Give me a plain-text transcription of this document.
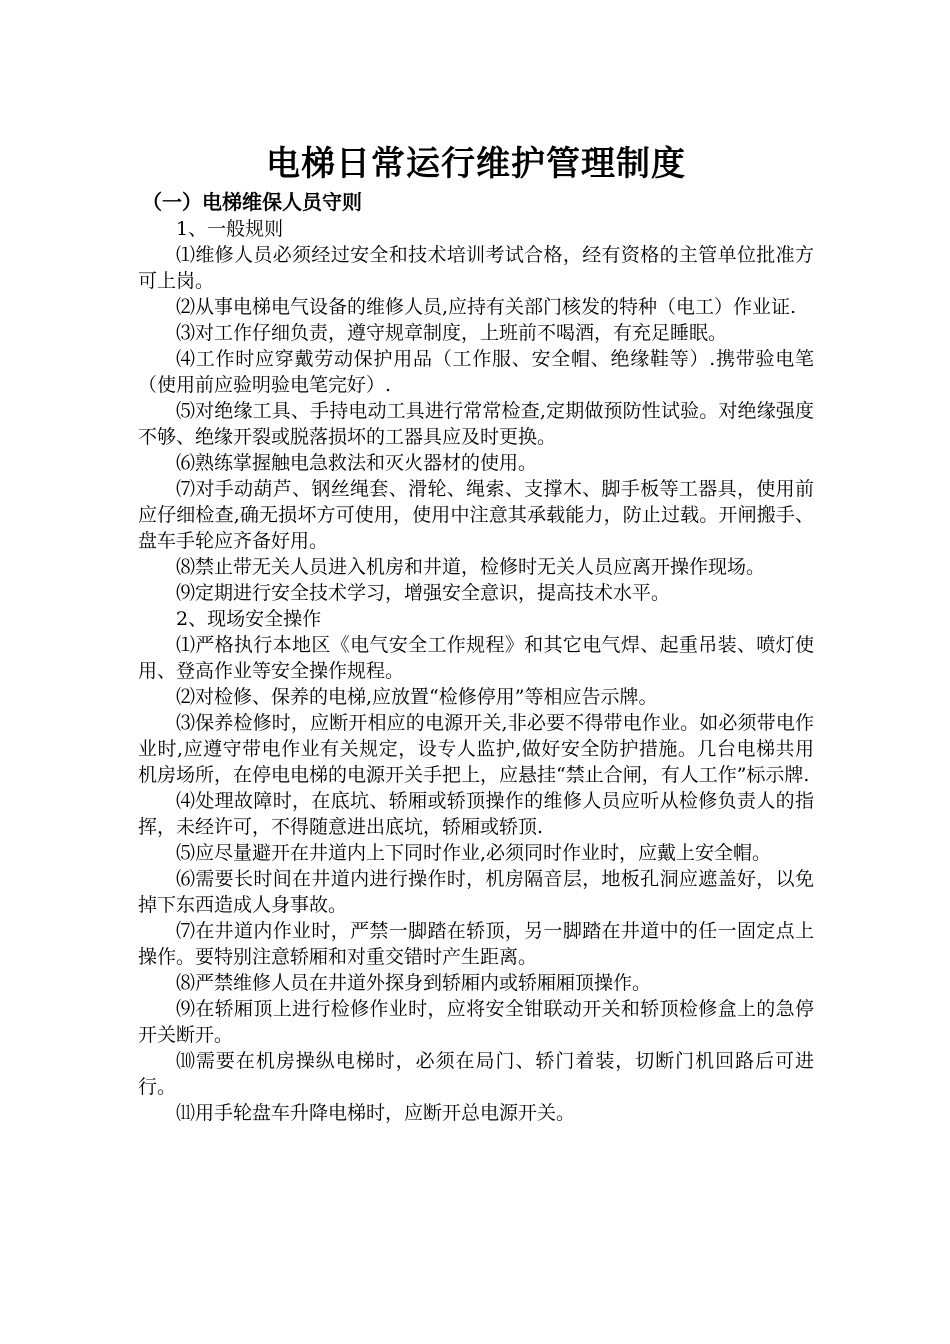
电梯日常运行维护管理制度
（一）电梯维保人员守则
1、一般规则

⑴维修人员必须经过安全和技术培训考试合格，经有资格的主管单位批准方可上岗。

⑵从事电梯电气设备的维修人员,应持有关部门核发的特种（电工）作业证.

⑶对工作仔细负责，遵守规章制度，上班前不喝酒，有充足睡眠。

⑷工作时应穿戴劳动保护用品（工作服、安全帽、绝缘鞋等）.携带验电笔（使用前应验明验电笔完好）.

⑸对绝缘工具、手持电动工具进行常常检查,定期做预防性试验。对绝缘强度不够、绝缘开裂或脱落损坏的工器具应及时更换。

⑹熟练掌握触电急救法和灭火器材的使用。

⑺对手动葫芦、钢丝绳套、滑轮、绳索、支撑木、脚手板等工器具，使用前应仔细检查,确无损坏方可使用，使用中注意其承载能力，防止过载。开闸搬手、盘车手轮应齐备好用。

⑻禁止带无关人员进入机房和井道，检修时无关人员应离开操作现场。

⑼定期进行安全技术学习，增强安全意识，提高技术水平。

2、现场安全操作

⑴严格执行本地区《电气安全工作规程》和其它电气焊、起重吊装、喷灯使用、登高作业等安全操作规程。

⑵对检修、保养的电梯,应放置“检修停用”等相应告示牌。

⑶保养检修时，应断开相应的电源开关,非必要不得带电作业。如必须带电作业时,应遵守带电作业有关规定，设专人监护,做好安全防护措施。几台电梯共用机房场所，在停电电梯的电源开关手把上，应悬挂“禁止合闸，有人工作”标示牌.

⑷处理故障时，在底坑、轿厢或轿顶操作的维修人员应听从检修负责人的指挥，未经许可，不得随意进出底坑，轿厢或轿顶.

⑸应尽量避开在井道内上下同时作业,必须同时作业时，应戴上安全帽。

⑹需要长时间在井道内进行操作时，机房隔音层，地板孔洞应遮盖好，以免掉下东西造成人身事故。

⑺在井道内作业时，严禁一脚踏在轿顶，另一脚踏在井道中的任一固定点上操作。要特别注意轿厢和对重交错时产生距离。

⑻严禁维修人员在井道外探身到轿厢内或轿厢厢顶操作。

⑼在轿厢顶上进行检修作业时，应将安全钳联动开关和轿顶检修盒上的急停开关断开。

⑽需要在机房操纵电梯时，必须在局门、轿门着装，切断门机回路后可进行。

⑾用手轮盘车升降电梯时，应断开总电源开关。
